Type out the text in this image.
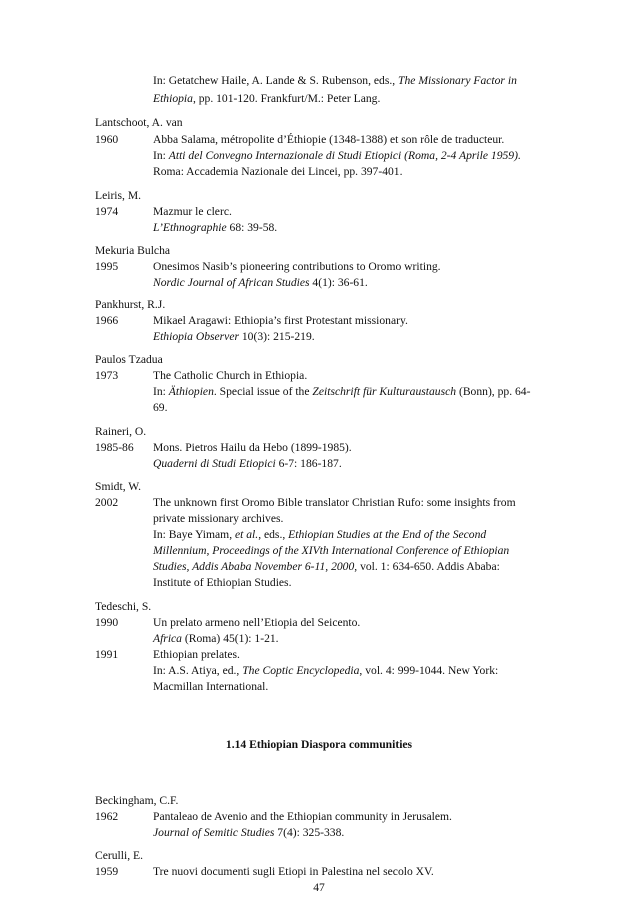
In: Getatchew Haile, A. Lande & S. Rubenson, eds., The Missionary Factor in
Ethiopia, pp. 101-120. Frankfurt/M.: Peter Lang.
Lantschoot, A. van
1960	Abba Salama, métropolite d’Éthiopie (1348-1388) et son rôle de traducteur.
In: Atti del Convegno Internazionale di Studi Etiopici (Roma, 2-4 Aprile 1959).
Roma: Accademia Nazionale dei Lincei, pp. 397-401.
Leiris, M.
1974	Mazmur le clerc.
L’Ethnographie 68: 39-58.
Mekuria Bulcha
1995	Onesimos Nasib’s pioneering contributions to Oromo writing.
Nordic Journal of African Studies 4(1): 36-61.
Pankhurst, R.J.
1966	Mikael Aragawi: Ethiopia’s first Protestant missionary.
Ethiopia Observer 10(3): 215-219.
Paulos Tzadua
1973	The Catholic Church in Ethiopia.
In: Äthiopien. Special issue of the Zeitschrift für Kulturaustausch (Bonn), pp. 64-
69.
Raineri, O.
1985-86 Mons. Pietros Hailu da Hebo (1899-1985).
Quaderni di Studi Etiopici 6-7: 186-187.
Smidt, W.
2002	The unknown first Oromo Bible translator Christian Rufo: some insights from
private missionary archives.
In: Baye Yimam, et al., eds., Ethiopian Studies at the End of the Second
Millennium, Proceedings of the XIVth International Conference of Ethiopian
Studies, Addis Ababa November 6-11, 2000, vol. 1: 634-650. Addis Ababa:
Institute of Ethiopian Studies.
Tedeschi, S.
1990	Un prelato armeno nell’Etiopia del Seicento.
Africa (Roma) 45(1): 1-21.
1991	Ethiopian prelates.
In: A.S. Atiya, ed., The Coptic Encyclopedia, vol. 4: 999-1044. New York:
Macmillan International.
1.14 Ethiopian Diaspora communities
Beckingham, C.F.
1962	Pantaleao de Avenio and the Ethiopian community in Jerusalem.
Journal of Semitic Studies 7(4): 325-338.
Cerulli, E.
1959	Tre nuovi documenti sugli Etiopi in Palestina nel secolo XV.
47
